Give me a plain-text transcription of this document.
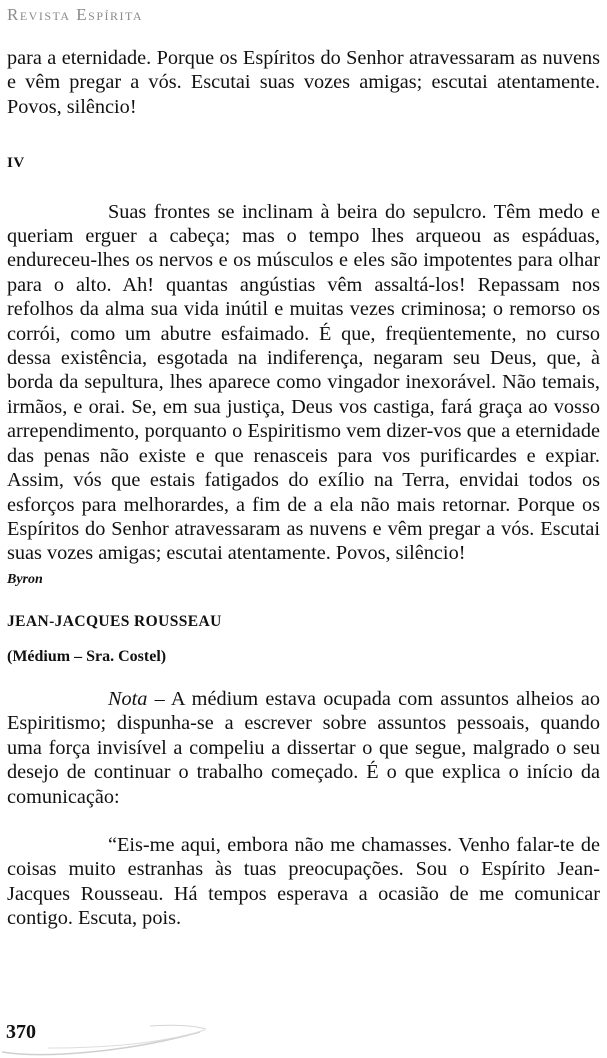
Revista Espírita

para a eternidade. Porque os Espíritos do Senhor atravessaram as nuvens e vêm pregar a vós. Escutai suas vozes amigas; escutai atentamente. Povos, silêncio!

IV

Suas frontes se inclinam à beira do sepulcro. Têm medo e queriam erguer a cabeça; mas o tempo lhes arqueou as espáduas, endureceu-lhes os nervos e os músculos e eles são impotentes para olhar para o alto. Ah! quantas angústias vêm assaltá-los! Repassam nos refolhos da alma sua vida inútil e muitas vezes criminosa; o remorso os corrói, como um abutre esfaimado. É que, freqüentemente, no curso dessa existência, esgotada na indiferença, negaram seu Deus, que, à borda da sepultura, lhes aparece como vingador inexorável. Não temais, irmãos, e orai. Se, em sua justiça, Deus vos castiga, fará graça ao vosso arrependimento, porquanto o Espiritismo vem dizer-vos que a eternidade das penas não existe e que renasceis para vos purificardes e expiar. Assim, vós que estais fatigados do exílio na Terra, envidai todos os esforços para melhorardes, a fim de a ela não mais retornar. Porque os Espíritos do Senhor atravessaram as nuvens e vêm pregar a vós. Escutai suas vozes amigas; escutai atentamente. Povos, silêncio!

Byron

JEAN-JACQUES ROUSSEAU

(Médium – Sra. Costel)

Nota – A médium estava ocupada com assuntos alheios ao Espiritismo; dispunha-se a escrever sobre assuntos pessoais, quando uma força invisível a compeliu a dissertar o que segue, malgrado o seu desejo de continuar o trabalho começado. É o que explica o início da comunicação:

“Eis-me aqui, embora não me chamasses. Venho falar-te de coisas muito estranhas às tuas preocupações. Sou o Espírito Jean-Jacques Rousseau. Há tempos esperava a ocasião de me comunicar contigo. Escuta, pois.

370
